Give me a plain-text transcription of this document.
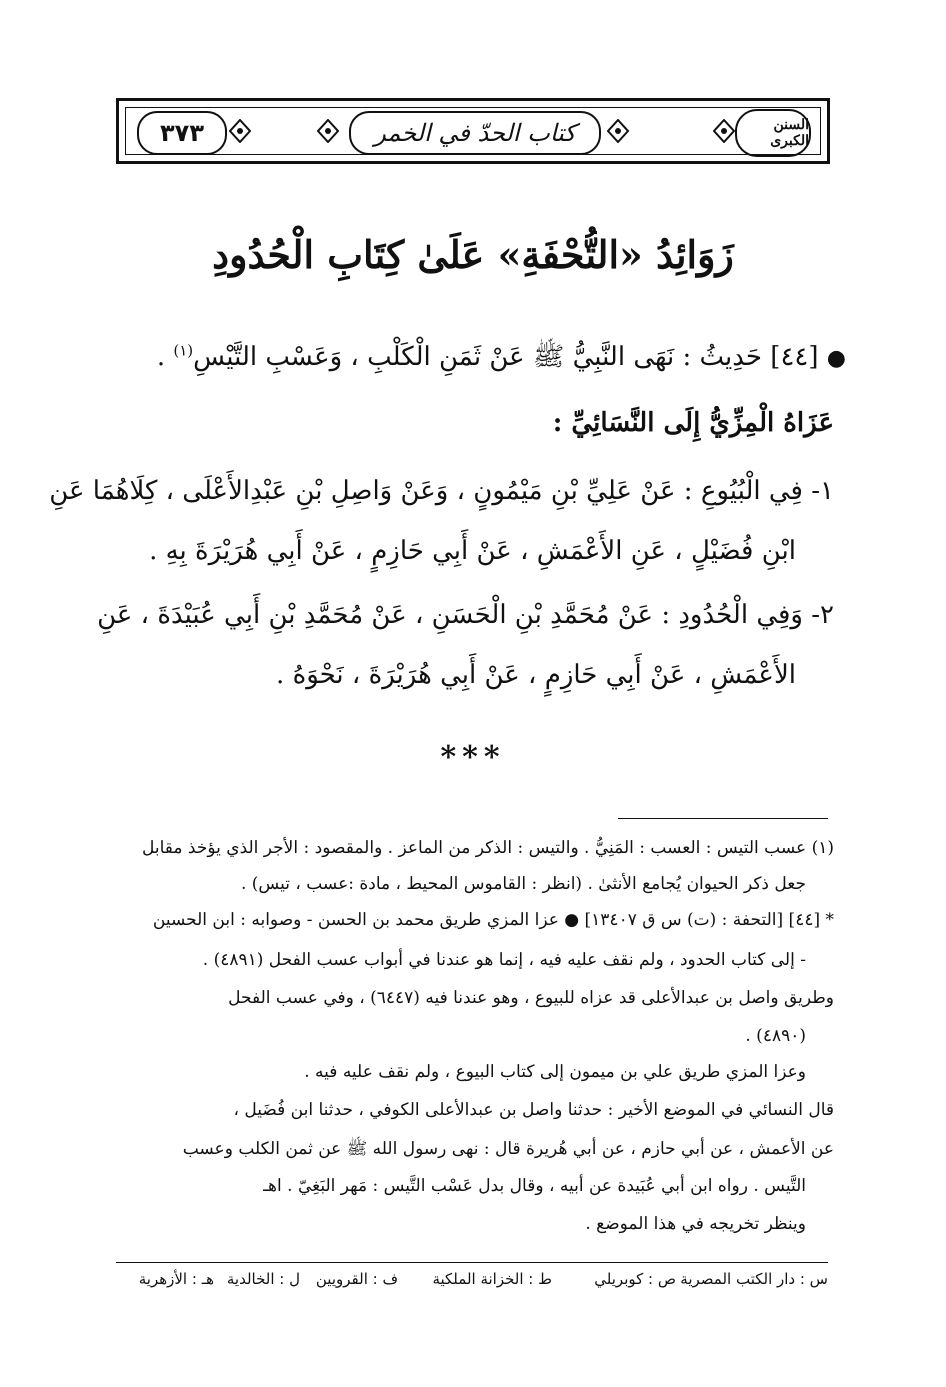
٣٧٣	كتاب الحدّ في الخمر	السنن الكبرى
زَوَائِدُ «التُّحْفَةِ» عَلَىٰ كِتَابِ الْحُدُودِ
● [٤٤] حَدِيثُ : نَهَى النَّبِيُّ ﷺ عَنْ ثَمَنِ الْكَلْبِ ، وَعَسْبِ التَّيْسِ$^{(١)}$ .
عَزَاهُ الْمِزِّيُّ إِلَى النَّسَائِيِّ :
١- فِي الْبُيُوعِ : عَنْ عَلِيِّ بْنِ مَيْمُونٍ ، وَعَنْ وَاصِلِ بْنِ عَبْدِالأَعْلَى ، كِلَاهُمَا عَنِ
ابْنِ فُضَيْلٍ ، عَنِ الأَعْمَشِ ، عَنْ أَبِي حَازِمٍ ، عَنْ أَبِي هُرَيْرَةَ بِهِ .
٢- وَفِي الْحُدُودِ : عَنْ مُحَمَّدِ بْنِ الْحَسَنِ ، عَنْ مُحَمَّدِ بْنِ أَبِي عُبَيْدَةَ ، عَنِ
الأَعْمَشِ ، عَنْ أَبِي حَازِمٍ ، عَنْ أَبِي هُرَيْرَةَ ، نَحْوَهُ .
***
(١) عسب التيس : العسب : المَنِيُّ . والتيس : الذكر من الماعز . والمقصود : الأجر الذي يؤخذ مقابل
جعل ذكر الحيوان يُجامع الأنثىٰ . (انظر : القاموس المحيط ، مادة :عسب ، تيس) .
* [٤٤] [التحفة : (ت) س ق ١٣٤٠٧] ● عزا المزي طريق محمد بن الحسن - وصوابه : ابن الحسين
- إلى كتاب الحدود ، ولم نقف عليه فيه ، إنما هو عندنا في أبواب عسب الفحل (٤٨٩١) .
وطريق واصل بن عبدالأعلى قد عزاه للبيوع ، وهو عندنا فيه (٦٤٤٧) ، وفي عسب الفحل
(٤٨٩٠) .
وعزا المزي طريق علي بن ميمون إلى كتاب البيوع ، ولم نقف عليه فيه .
قال النسائي في الموضع الأخير : حدثنا واصل بن عبدالأعلى الكوفي ، حدثنا ابن فُضَيل ،
عن الأعمش ، عن أبي حازم ، عن أبي هُريرة قال : نهى رسول الله ﷺ عن ثمن الكلب وعسب
التَّيس . رواه ابن أبي عُبَيدة عن أبيه ، وقال بدل عَسْب التَّيس : مَهر البَغِيّ . اهـ
وينظر تخريجه في هذا الموضع .
س : دار الكتب المصرية
ص : كوبريلي
ط : الخزانة الملكية
ف : القرويين
ل : الخالدية
هـ : الأزهرية
